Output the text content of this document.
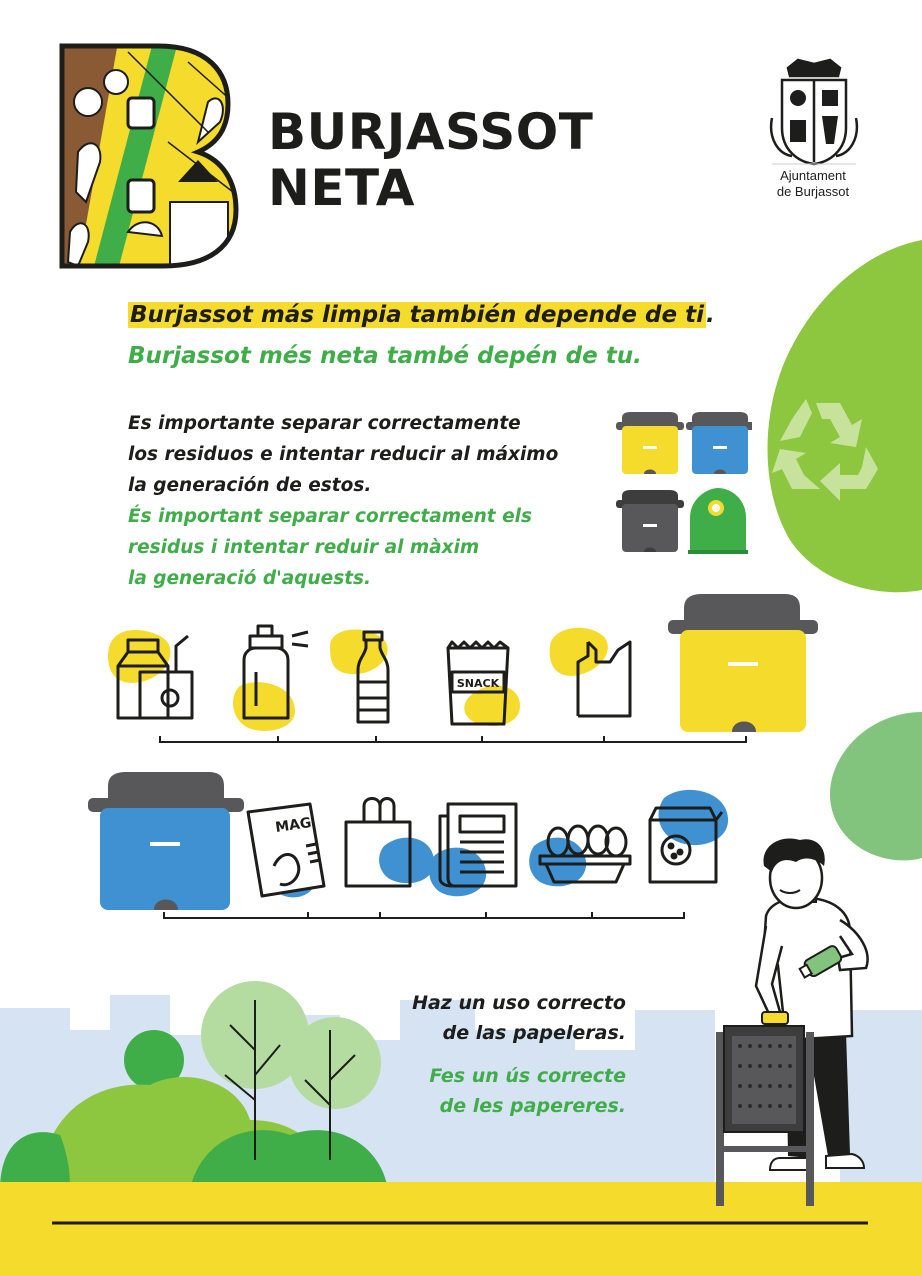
BURJASSOT
NETA	Ajuntament
de Burjassot
Burjassot más limpia también depende de ti.
Burjassot més neta també depén de tu.
Es importante separar correctamente
los residuos e intentar reducir al máximo
la generación de estos.
És important separar correctament els
residus i intentar reduir al màxim
la generació d'aquests.
SNACK
MAG
Haz un uso correcto
de las papeleras.
Fes un ús correcte
de les papereres.
